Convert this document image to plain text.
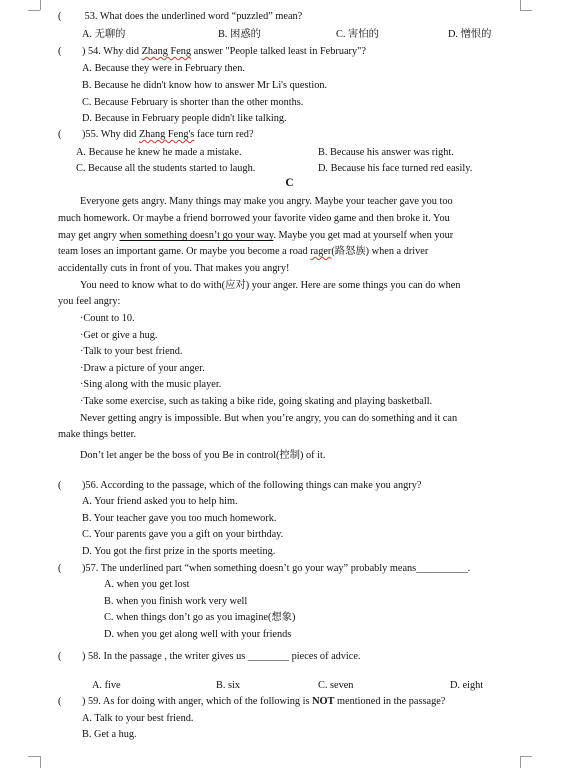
( 53. What does the underlined word “puzzled” mean?
A. 无聊的	B. 困惑的	C. 害怕的	D. 憎恨的
( ) 54. Why did Zhang Feng answer "People talked least in February"?
A. Because they were in February then.
B. Because he didn't know how to answer Mr Li's question.
C. Because February is shorter than the other months.
D. Because in February people didn't like talking.
( )55. Why did Zhang Feng's face turn red?
A. Because he knew he made a mistake.	B. Because his answer was right.
C. Because all the students started to laugh.	D. Because his face turned red easily.
C
Everyone gets angry. Many things may make you angry. Maybe your teacher gave you too
much homework. Or maybe a friend borrowed your favorite video game and then broke it. You
may get angry when something doesn’t go your way. Maybe you get mad at yourself when your
team loses an important game. Or maybe you become a road rager(路怒族) when a driver
accidentally cuts in front of you. That makes you angry!
You need to know what to do with(应对) your anger. Here are some things you can do when
you feel angry:
·Count to 10.
·Get or give a hug.
·Talk to your best friend.
·Draw a picture of your anger.
·Sing along with the music player.
·Take some exercise, such as taking a bike ride, going skating and playing basketball.
Never getting angry is impossible. But when you’re angry, you can do something and it can
make things better.
Don’t let anger be the boss of you Be in control(控制) of it.
( )56. According to the passage, which of the following things can make you angry?
A. Your friend asked you to help him.
B. Your teacher gave you too much homework.
C. Your parents gave you a gift on your birthday.
D. You got the first prize in the sports meeting.
( )57. The underlined part “when something doesn’t go your way” probably means__________.
A. when you get lost
B. when you finish work very well
C. when things don’t go as you imagine(想象)
D. when you get along well with your friends
( ) 58. In the passage , the writer gives us ________ pieces of advice.
A. five	B. six	C. seven	D. eight
( ) 59. As for doing with anger, which of the following is NOT mentioned in the passage?
A. Talk to your best friend.
B. Get a hug.
